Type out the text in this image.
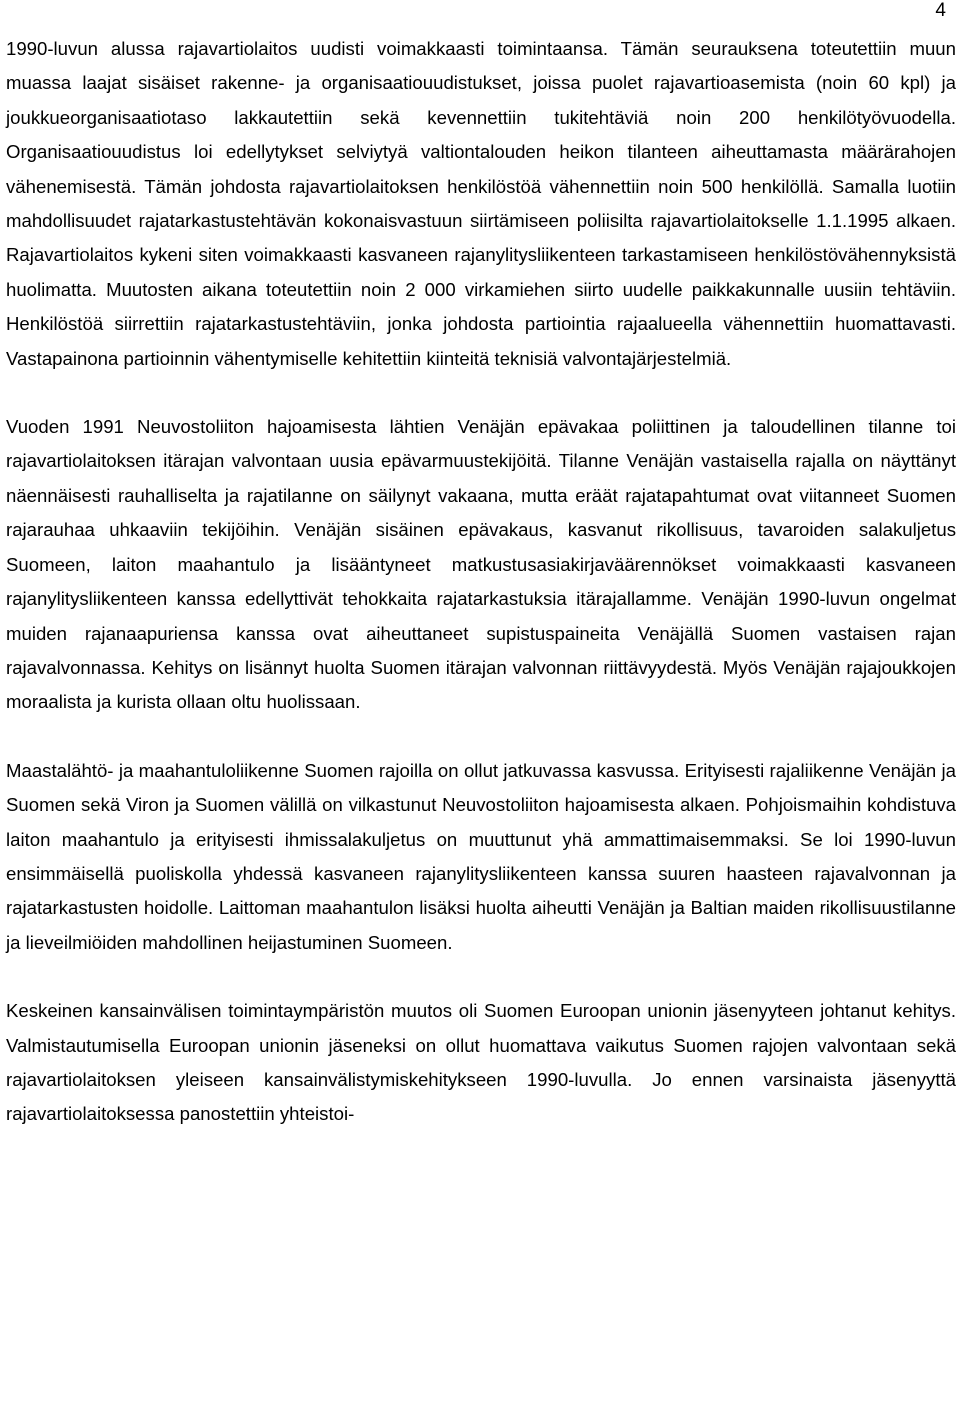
4

1990-luvun alussa rajavartiolaitos uudisti voimakkaasti toimintaansa. Tämän seurauksena toteutettiin muun muassa laajat sisäiset rakenne- ja organisaatiouudistukset, joissa puolet rajavartioasemista (noin 60 kpl) ja joukkueorganisaatiotaso lakkautettiin sekä kevennettiin tukitehtäviä noin 200 henkilötyövuodella. Organisaatiouudistus loi edellytykset selviytyä valtiontalouden heikon tilanteen aiheuttamasta määrärahojen vähenemisestä. Tämän johdosta rajavartiolaitoksen henkilöstöä vähennettiin noin 500 henkilöllä. Samalla luotiin mahdollisuudet rajatarkastustehtävän kokonaisvastuun siirtämiseen poliisilta rajavartiolaitokselle 1.1.1995 alkaen. Rajavartiolaitos kykeni siten voimakkaasti kasvaneen rajanylitysliikenteen tarkastamiseen henkilöstövähennyksistä huolimatta. Muutosten aikana toteutettiin noin 2 000 virkamiehen siirto uudelle paikkakunnalle uusiin tehtäviin. Henkilöstöä siirrettiin rajatarkastustehtäviin, jonka johdosta partiointia rajaalueella vähennettiin huomattavasti. Vastapainona partioinnin vähentymiselle kehitettiin kiinteitä teknisiä valvontajärjestelmiä.

Vuoden 1991 Neuvostoliiton hajoamisesta lähtien Venäjän epävakaa poliittinen ja taloudellinen tilanne toi rajavartiolaitoksen itärajan valvontaan uusia epävarmuustekijöitä. Tilanne Venäjän vastaisella rajalla on näyttänyt näennäisesti rauhalliselta ja rajatilanne on säilynyt vakaana, mutta eräät rajatapahtumat ovat viitanneet Suomen rajarauhaa uhkaaviin tekijöihin. Venäjän sisäinen epävakaus, kasvanut rikollisuus, tavaroiden salakuljetus Suomeen, laiton maahantulo ja lisääntyneet matkustusasiakirjaväärennökset voimakkaasti kasvaneen rajanylitysliikenteen kanssa edellyttivät tehokkaita rajatarkastuksia itärajallamme. Venäjän 1990-luvun ongelmat muiden rajanaapuriensa kanssa ovat aiheuttaneet supistuspaineita Venäjällä Suomen vastaisen rajan rajavalvonnassa. Kehitys on lisännyt huolta Suomen itärajan valvonnan riittävyydestä. Myös Venäjän rajajoukkojen moraalista ja kurista ollaan oltu huolissaan.

Maastalähtö- ja maahantuloliikenne Suomen rajoilla on ollut jatkuvassa kasvussa. Erityisesti rajaliikenne Venäjän ja Suomen sekä Viron ja Suomen välillä on vilkastunut Neuvostoliiton hajoamisesta alkaen. Pohjoismaihin kohdistuva laiton maahantulo ja erityisesti ihmissalakuljetus on muuttunut yhä ammattimaisemmaksi. Se loi 1990-luvun ensimmäisellä puoliskolla yhdessä kasvaneen rajanylitysliikenteen kanssa suuren haasteen rajavalvonnan ja rajatarkastusten hoidolle. Laittoman maahantulon lisäksi huolta aiheutti Venäjän ja Baltian maiden rikollisuustilanne ja lieveilmiöiden mahdollinen heijastuminen Suomeen.

Keskeinen kansainvälisen toimintaympäristön muutos oli Suomen Euroopan unionin jäsenyyteen johtanut kehitys. Valmistautumisella Euroopan unionin jäseneksi on ollut huomattava vaikutus Suomen rajojen valvontaan sekä rajavartiolaitoksen yleiseen kansainvälistymiskehitykseen 1990-luvulla. Jo ennen varsinaista jäsenyyttä rajavartiolaitoksessa panostettiin yhteistoi-
